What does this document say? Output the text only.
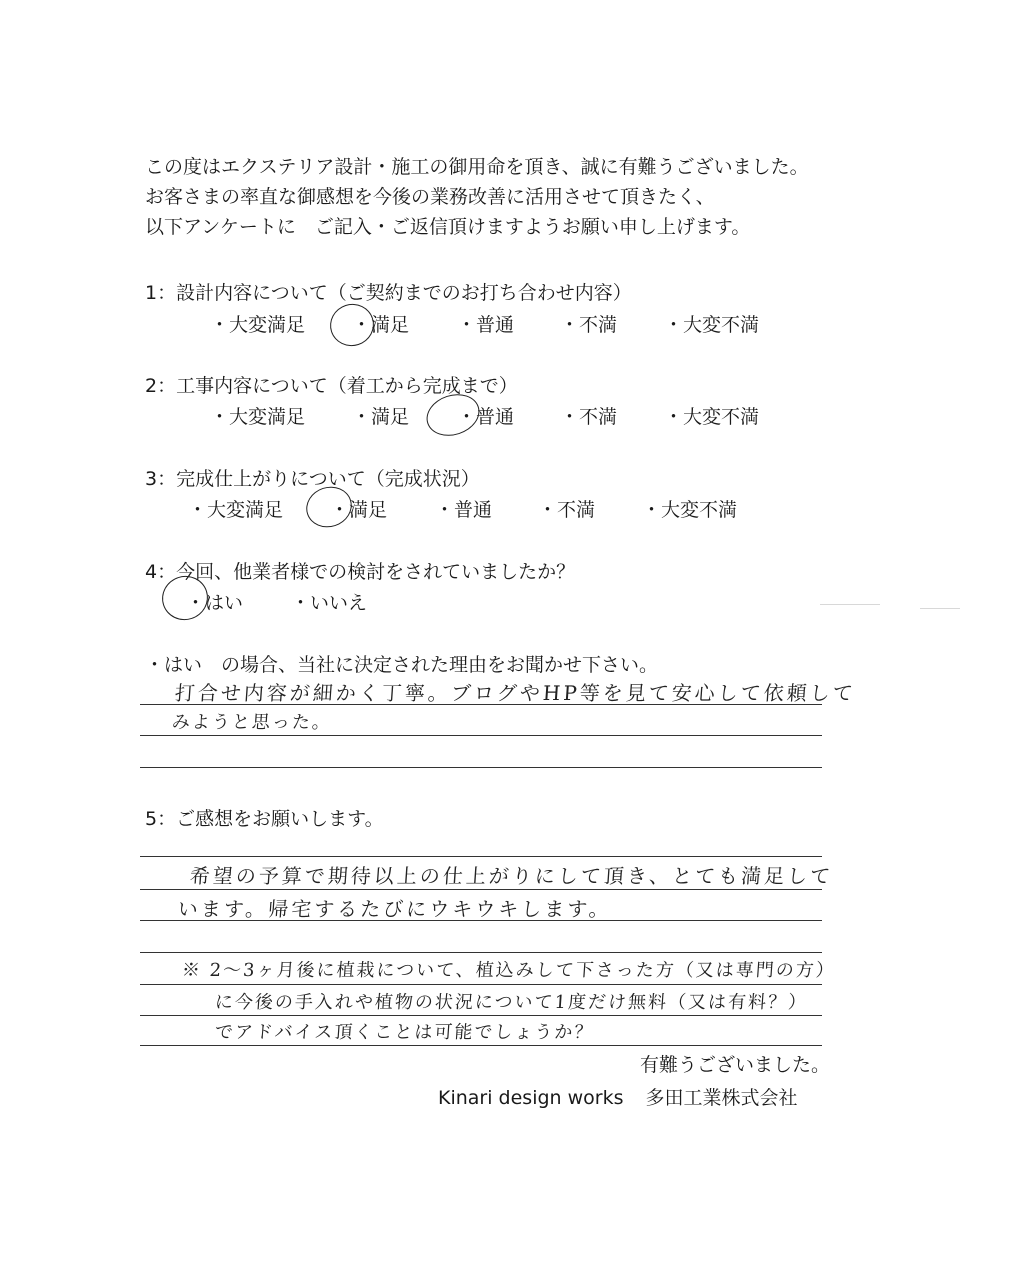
この度はエクステリア設計・施工の御用命を頂き、誠に有難うございました。
お客さまの率直な御感想を今後の業務改善に活用させて頂きたく、
以下アンケートに　ご記入・ご返信頂けますようお願い申し上げます。
1：設計内容について（ご契約までのお打ち合わせ内容）
・大変満足 ・満足	・普通 ・不満 ・大変不満
2：工事内容について（着工から完成まで）
・大変満足 ・満足	・普通 ・不満 ・大変不満
3：完成仕上がりについて（完成状況）
・大変満足 ・満足	・普通 ・不満 ・大変不満
4：今回、他業者様での検討をされていましたか？
・はい	・いいえ
・はい　の場合、当社に決定された理由をお聞かせ下さい。
打合せ内容が細かく丁寧。ブログやHP等を見て安心して依頼して
みようと思った。
5：ご感想をお願いします。
希望の予算で期待以上の仕上がりにして頂き、とても満足して
います。帰宅するたびにウキウキします。
※ 2～3ヶ月後に植栽について、植込みして下さった方（又は専門の方）
に今後の手入れや植物の状況について1度だけ無料（又は有料？）
でアドバイス頂くことは可能でしょうか？
有難うございました。
Kinari design works 多田工業株式会社
